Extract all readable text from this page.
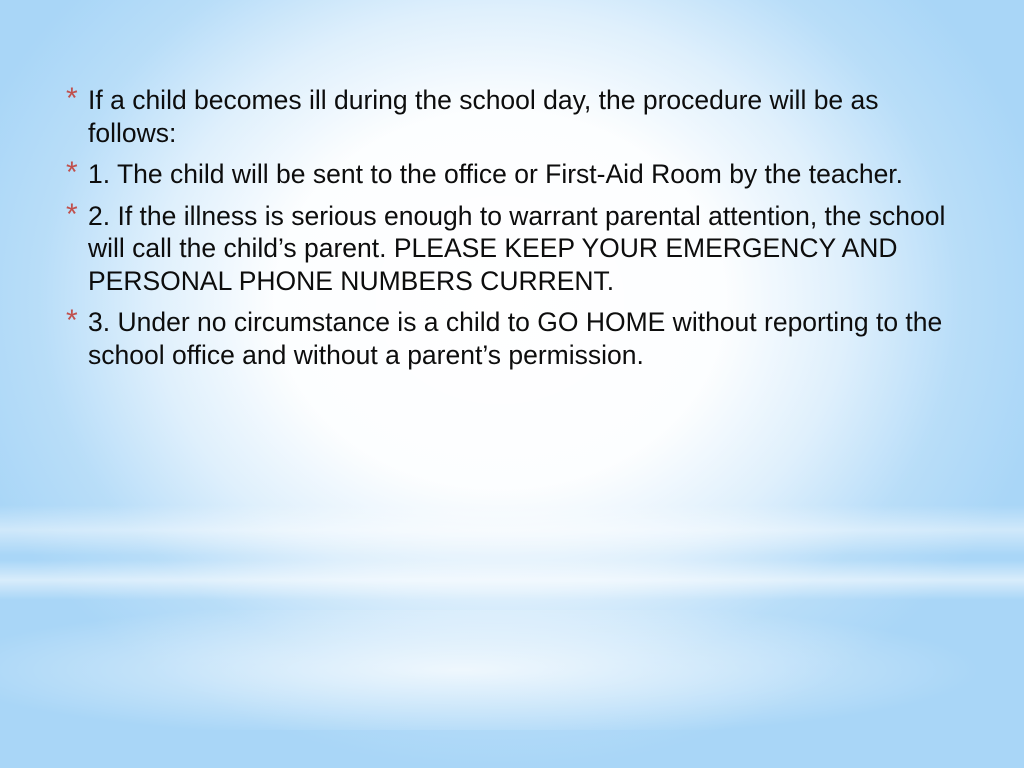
* If a child becomes ill during the school day, the procedure will be as follows:
* 1. The child will be sent to the office or First-Aid Room by the teacher.
* 2. If the illness is serious enough to warrant parental attention, the school will call the child’s parent. PLEASE KEEP YOUR EMERGENCY AND PERSONAL PHONE NUMBERS CURRENT.
* 3. Under no circumstance is a child to GO HOME without reporting to the school office and without a parent’s permission.
